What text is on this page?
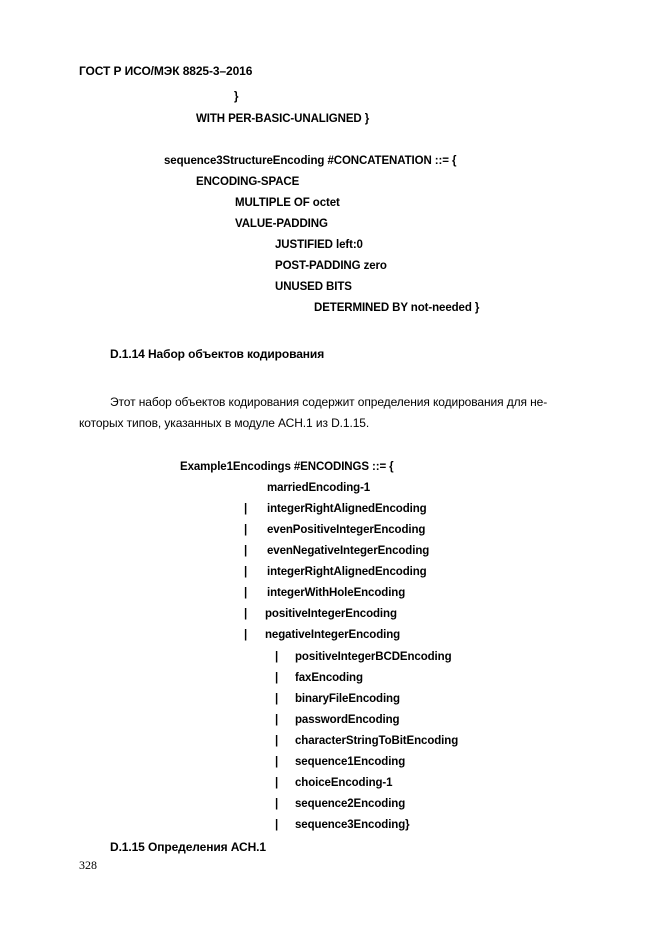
ГОСТ Р ИСО/МЭК 8825-3–2016
}
WITH PER-BASIC-UNALIGNED }
sequence3StructureEncoding #CONCATENATION ::= {
ENCODING-SPACE
MULTIPLE OF octet
VALUE-PADDING
JUSTIFIED left:0
POST-PADDING zero
UNUSED BITS
DETERMINED BY not-needed }
D.1.14 Набор объектов кодирования
Этот набор объектов кодирования содержит определения кодирования для не-
которых типов, указанных в модуле АСН.1 из D.1.15.
Example1Encodings #ENCODINGS ::= {
marriedEncoding-1
| integerRightAlignedEncoding
| evenPositiveIntegerEncoding
| evenNegativeIntegerEncoding
| integerRightAlignedEncoding
| integerWithHoleEncoding
| positiveIntegerEncoding
| negativeIntegerEncoding
| positiveIntegerBCDEncoding
| faxEncoding
| binaryFileEncoding
| passwordEncoding
| characterStringToBitEncoding
| sequence1Encoding
| choiceEncoding-1
| sequence2Encoding
| sequence3Encoding}
D.1.15 Определения АСН.1
328
